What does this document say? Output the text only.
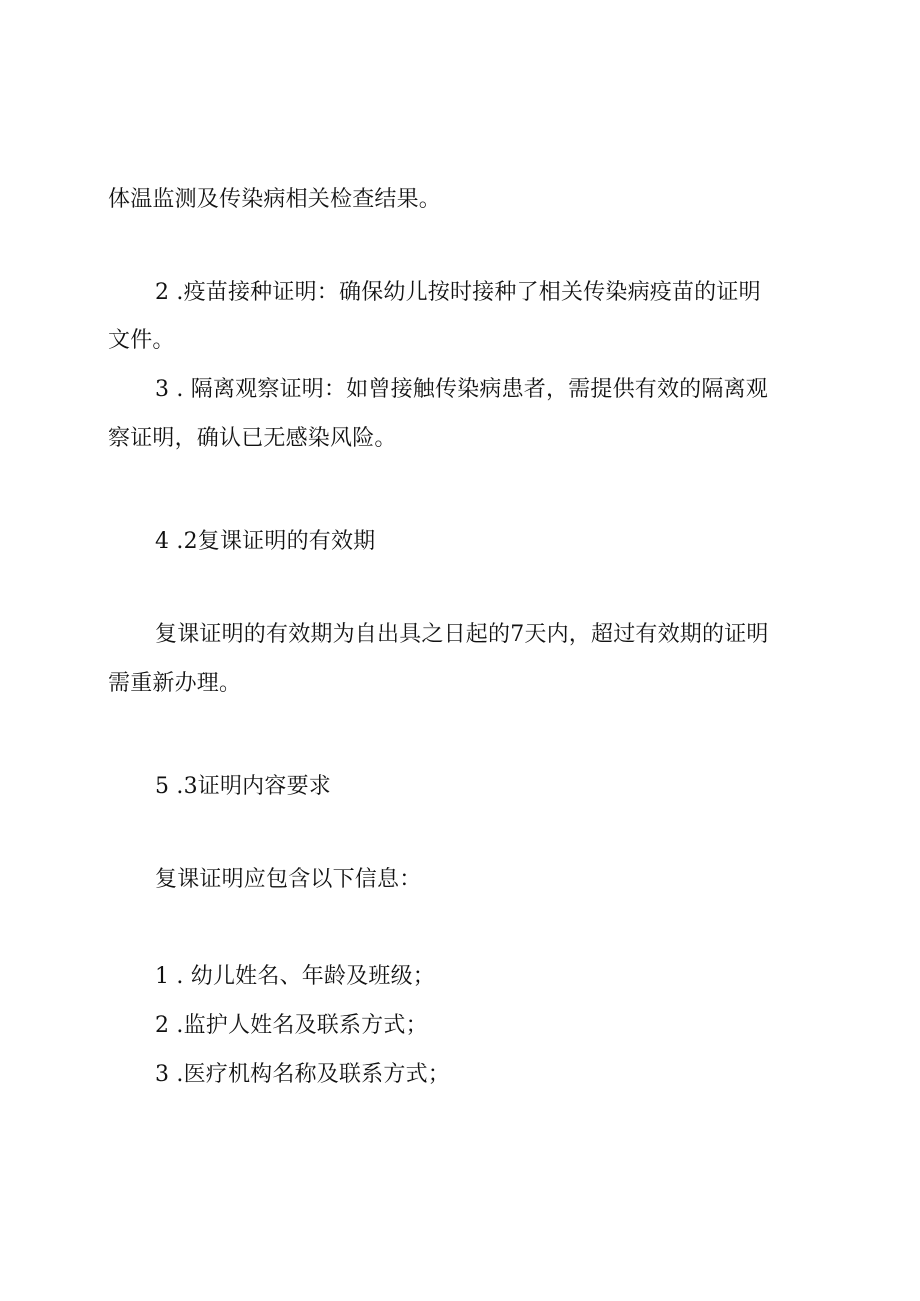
体温监测及传染病相关检查结果。
2 .疫苗接种证明：确保幼儿按时接种了相关传染病疫苗的证明
文件。
3 . 隔离观察证明：如曾接触传染病患者，需提供有效的隔离观
察证明，确认已无感染风险。
4 .2复课证明的有效期
复课证明的有效期为自出具之日起的7天内，超过有效期的证明
需重新办理。
5 .3证明内容要求
复课证明应包含以下信息：
1 . 幼儿姓名、年龄及班级；
2 .监护人姓名及联系方式；
3 .医疗机构名称及联系方式；
